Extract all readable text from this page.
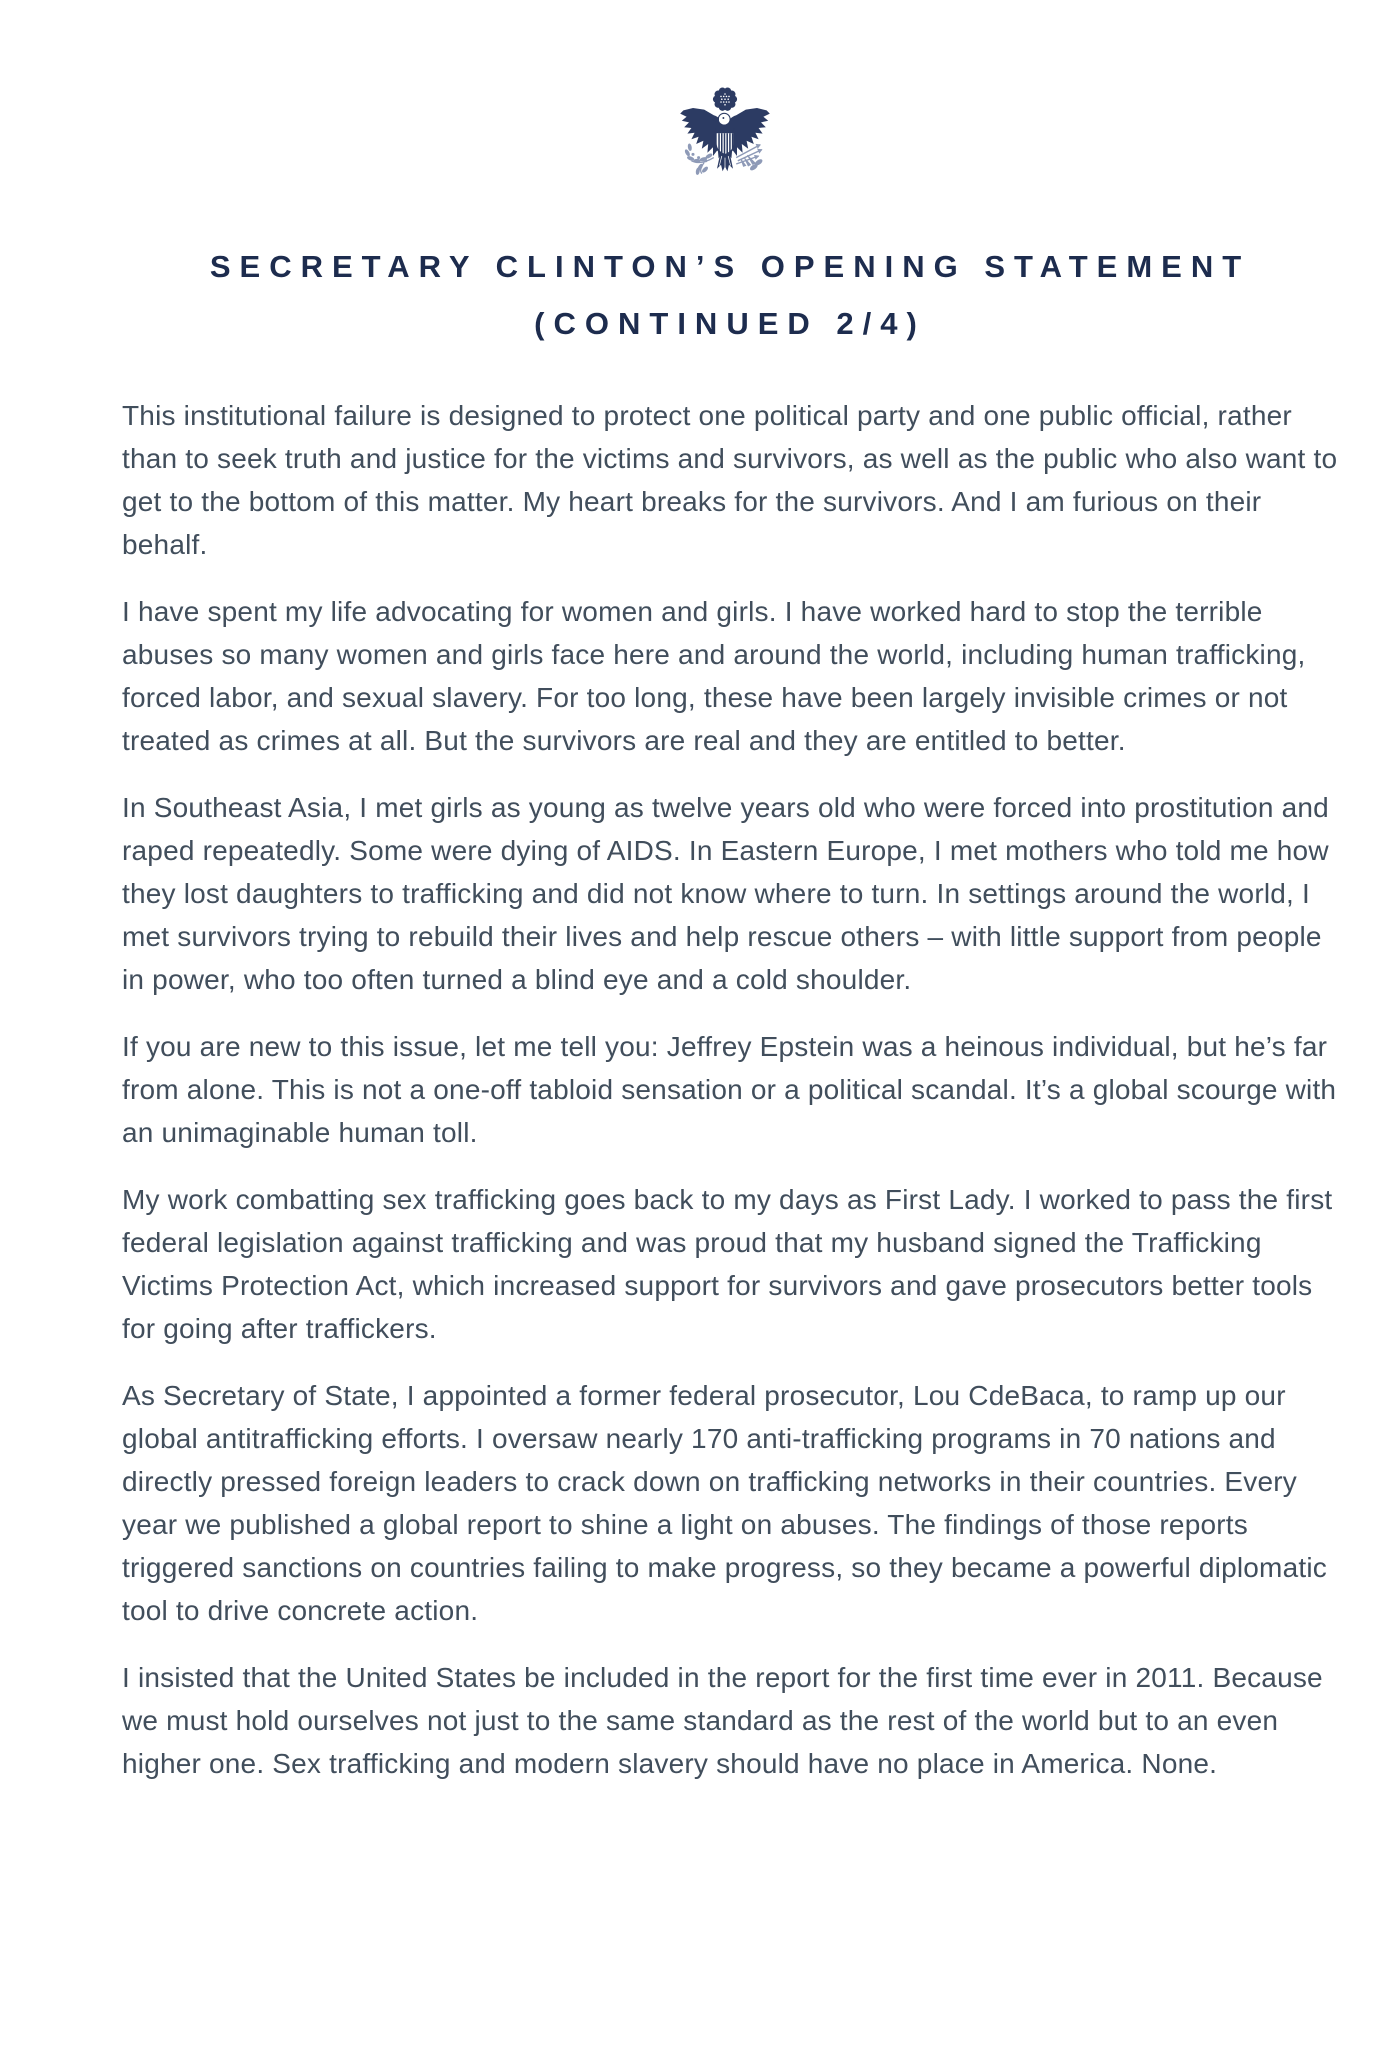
SECRETARY CLINTON’S OPENING STATEMENT
(CONTINUED 2/4)

This institutional failure is designed to protect one political party and one public official, rather than to seek truth and justice for the victims and survivors, as well as the public who also want to get to the bottom of this matter. My heart breaks for the survivors. And I am furious on their behalf.

I have spent my life advocating for women and girls. I have worked hard to stop the terrible abuses so many women and girls face here and around the world, including human trafficking, forced labor, and sexual slavery. For too long, these have been largely invisible crimes or not treated as crimes at all. But the survivors are real and they are entitled to better.

In Southeast Asia, I met girls as young as twelve years old who were forced into prostitution and raped repeatedly. Some were dying of AIDS. In Eastern Europe, I met mothers who told me how they lost daughters to trafficking and did not know where to turn. In settings around the world, I met survivors trying to rebuild their lives and help rescue others – with little support from people in power, who too often turned a blind eye and a cold shoulder.

If you are new to this issue, let me tell you: Jeffrey Epstein was a heinous individual, but he’s far from alone. This is not a one-off tabloid sensation or a political scandal. It’s a global scourge with an unimaginable human toll.

My work combatting sex trafficking goes back to my days as First Lady. I worked to pass the first federal legislation against trafficking and was proud that my husband signed the Trafficking Victims Protection Act, which increased support for survivors and gave prosecutors better tools for going after traffickers.

As Secretary of State, I appointed a former federal prosecutor, Lou CdeBaca, to ramp up our global antitrafficking efforts. I oversaw nearly 170 anti-trafficking programs in 70 nations and directly pressed foreign leaders to crack down on trafficking networks in their countries. Every year we published a global report to shine a light on abuses. The findings of those reports triggered sanctions on countries failing to make progress, so they became a powerful diplomatic tool to drive concrete action.

I insisted that the United States be included in the report for the first time ever in 2011. Because we must hold ourselves not just to the same standard as the rest of the world but to an even higher one. Sex trafficking and modern slavery should have no place in America. None.
